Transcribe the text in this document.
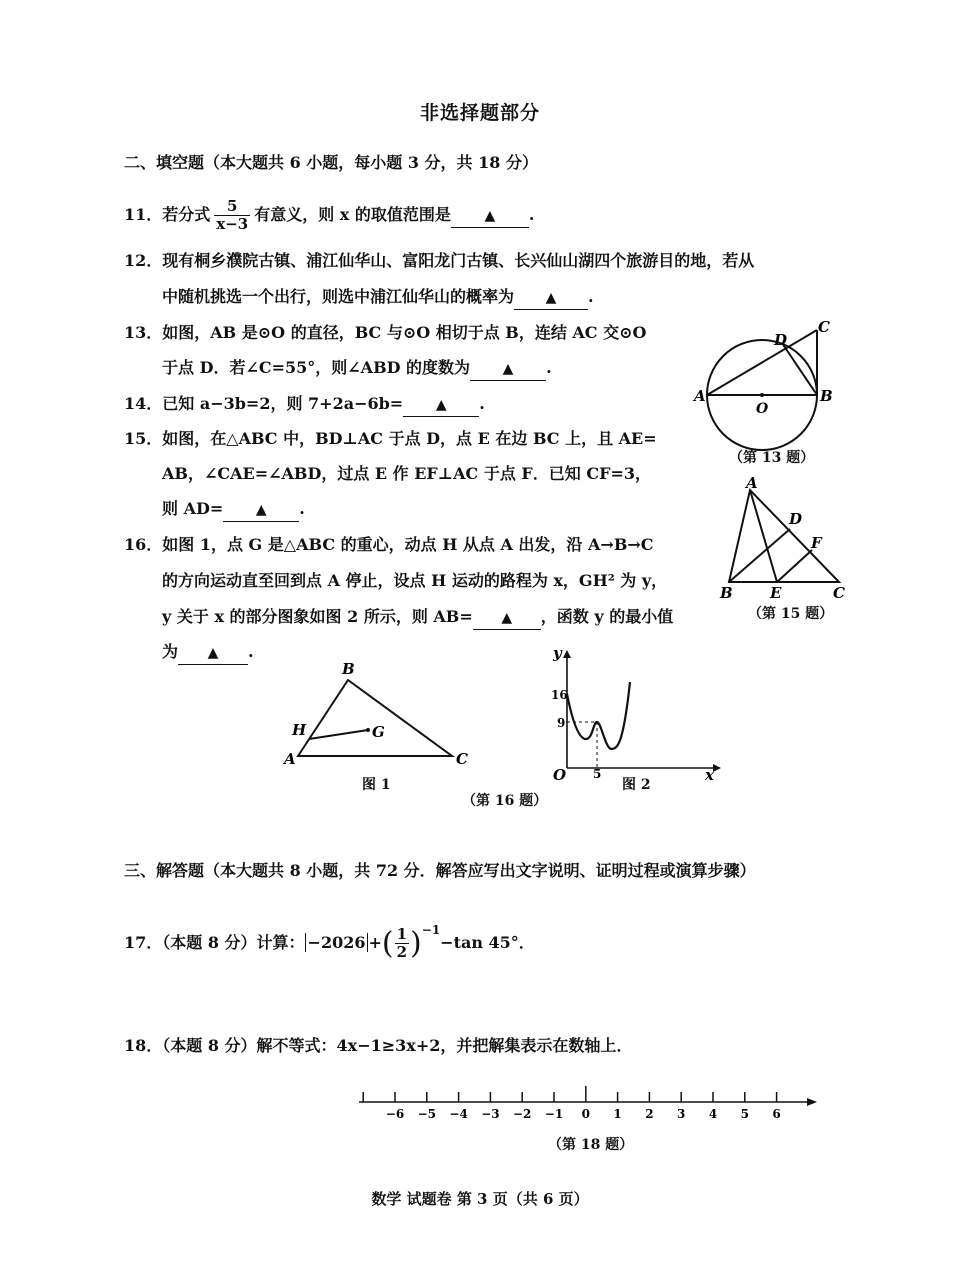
非选择题部分
二、填空题（本大题共 6 小题，每小题 3 分，共 18 分）
11．若分式 $\frac{5}{x-3}$ 有意义，则 x 的取值范围是 ▲ .
12．现有桐乡濮院古镇、浦江仙华山、富阳龙门古镇、长兴仙山湖四个旅游目的地，若从
中随机挑选一个出行，则选中浦江仙华山的概率为 ▲ .
13．如图，AB 是⊙O 的直径，BC 与⊙O 相切于点 B，连结 AC 交⊙O
于点 D．若∠C=55°，则∠ABD 的度数为 ▲ .
14．已知 a−3b=2，则 7+2a−6b= ▲ .
15．如图，在△ABC 中，BD⊥AC 于点 D，点 E 在边 BC 上，且 AE=
AB，∠CAE=∠ABD，过点 E 作 EF⊥AC 于点 F．已知 CF=3，
则 AD= ▲ .
16．如图 1，点 G 是△ABC 的重心，动点 H 从点 A 出发，沿 A→B→C
的方向运动直至回到点 A 停止，设点 H 运动的路程为 x，GH² 为 y，
y 关于 x 的部分图象如图 2 所示，则 AB= ▲ ，函数 y 的最小值
为 ▲ .
A	B
C
D
O
（第 13 题）
A
B	C
D
E
F
（第 15 题）
B
A	C
H	G
图 1
16
9
5
O	x
y
图 2
（第 16 题）
三、解答题（本大题共 8 小题，共 72 分．解答应写出文字说明、证明过程或演算步骤）
17．（本题 8 分）计算： −2026 +( $\frac{1}{2} )^{-1}-\tan$ 45°．
18．（本题 8 分）解不等式：4x−1≥3x+2，并把解集表示在数轴上．
−6 −5 −4 −3 −2 −1 0 1 2 3 4 5 6
（第 18 题）
数学 试题卷 第 3 页（共 6 页）
